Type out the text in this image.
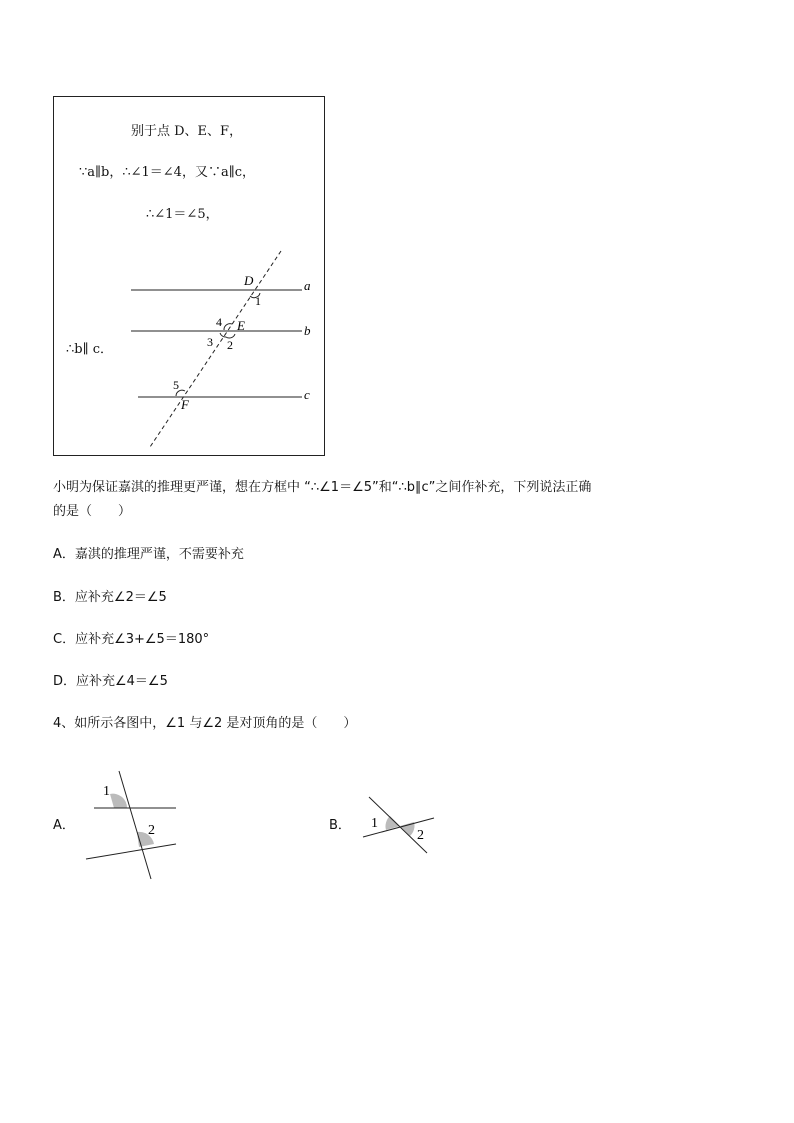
别于点 D、E、F，
∵a∥b，∴∠1＝∠4，又∵a∥c，
∴∠1＝∠5，
∴b∥ c．
D
1
a
4 E	b
3 2
5
F
c
小明为保证嘉淇的推理更严谨，想在方框中 “∴∠1＝∠5”和“∴b∥c”之间作补充，下列说法正确
的是（　　）
A．嘉淇的推理严谨，不需要补充
B．应补充∠2＝∠5
C．应补充∠3+∠5＝180°
D．应补充∠4＝∠5
4、如所示各图中，∠1 与∠2 是对顶角的是（　　）
A．
1
2	B． 1
2
